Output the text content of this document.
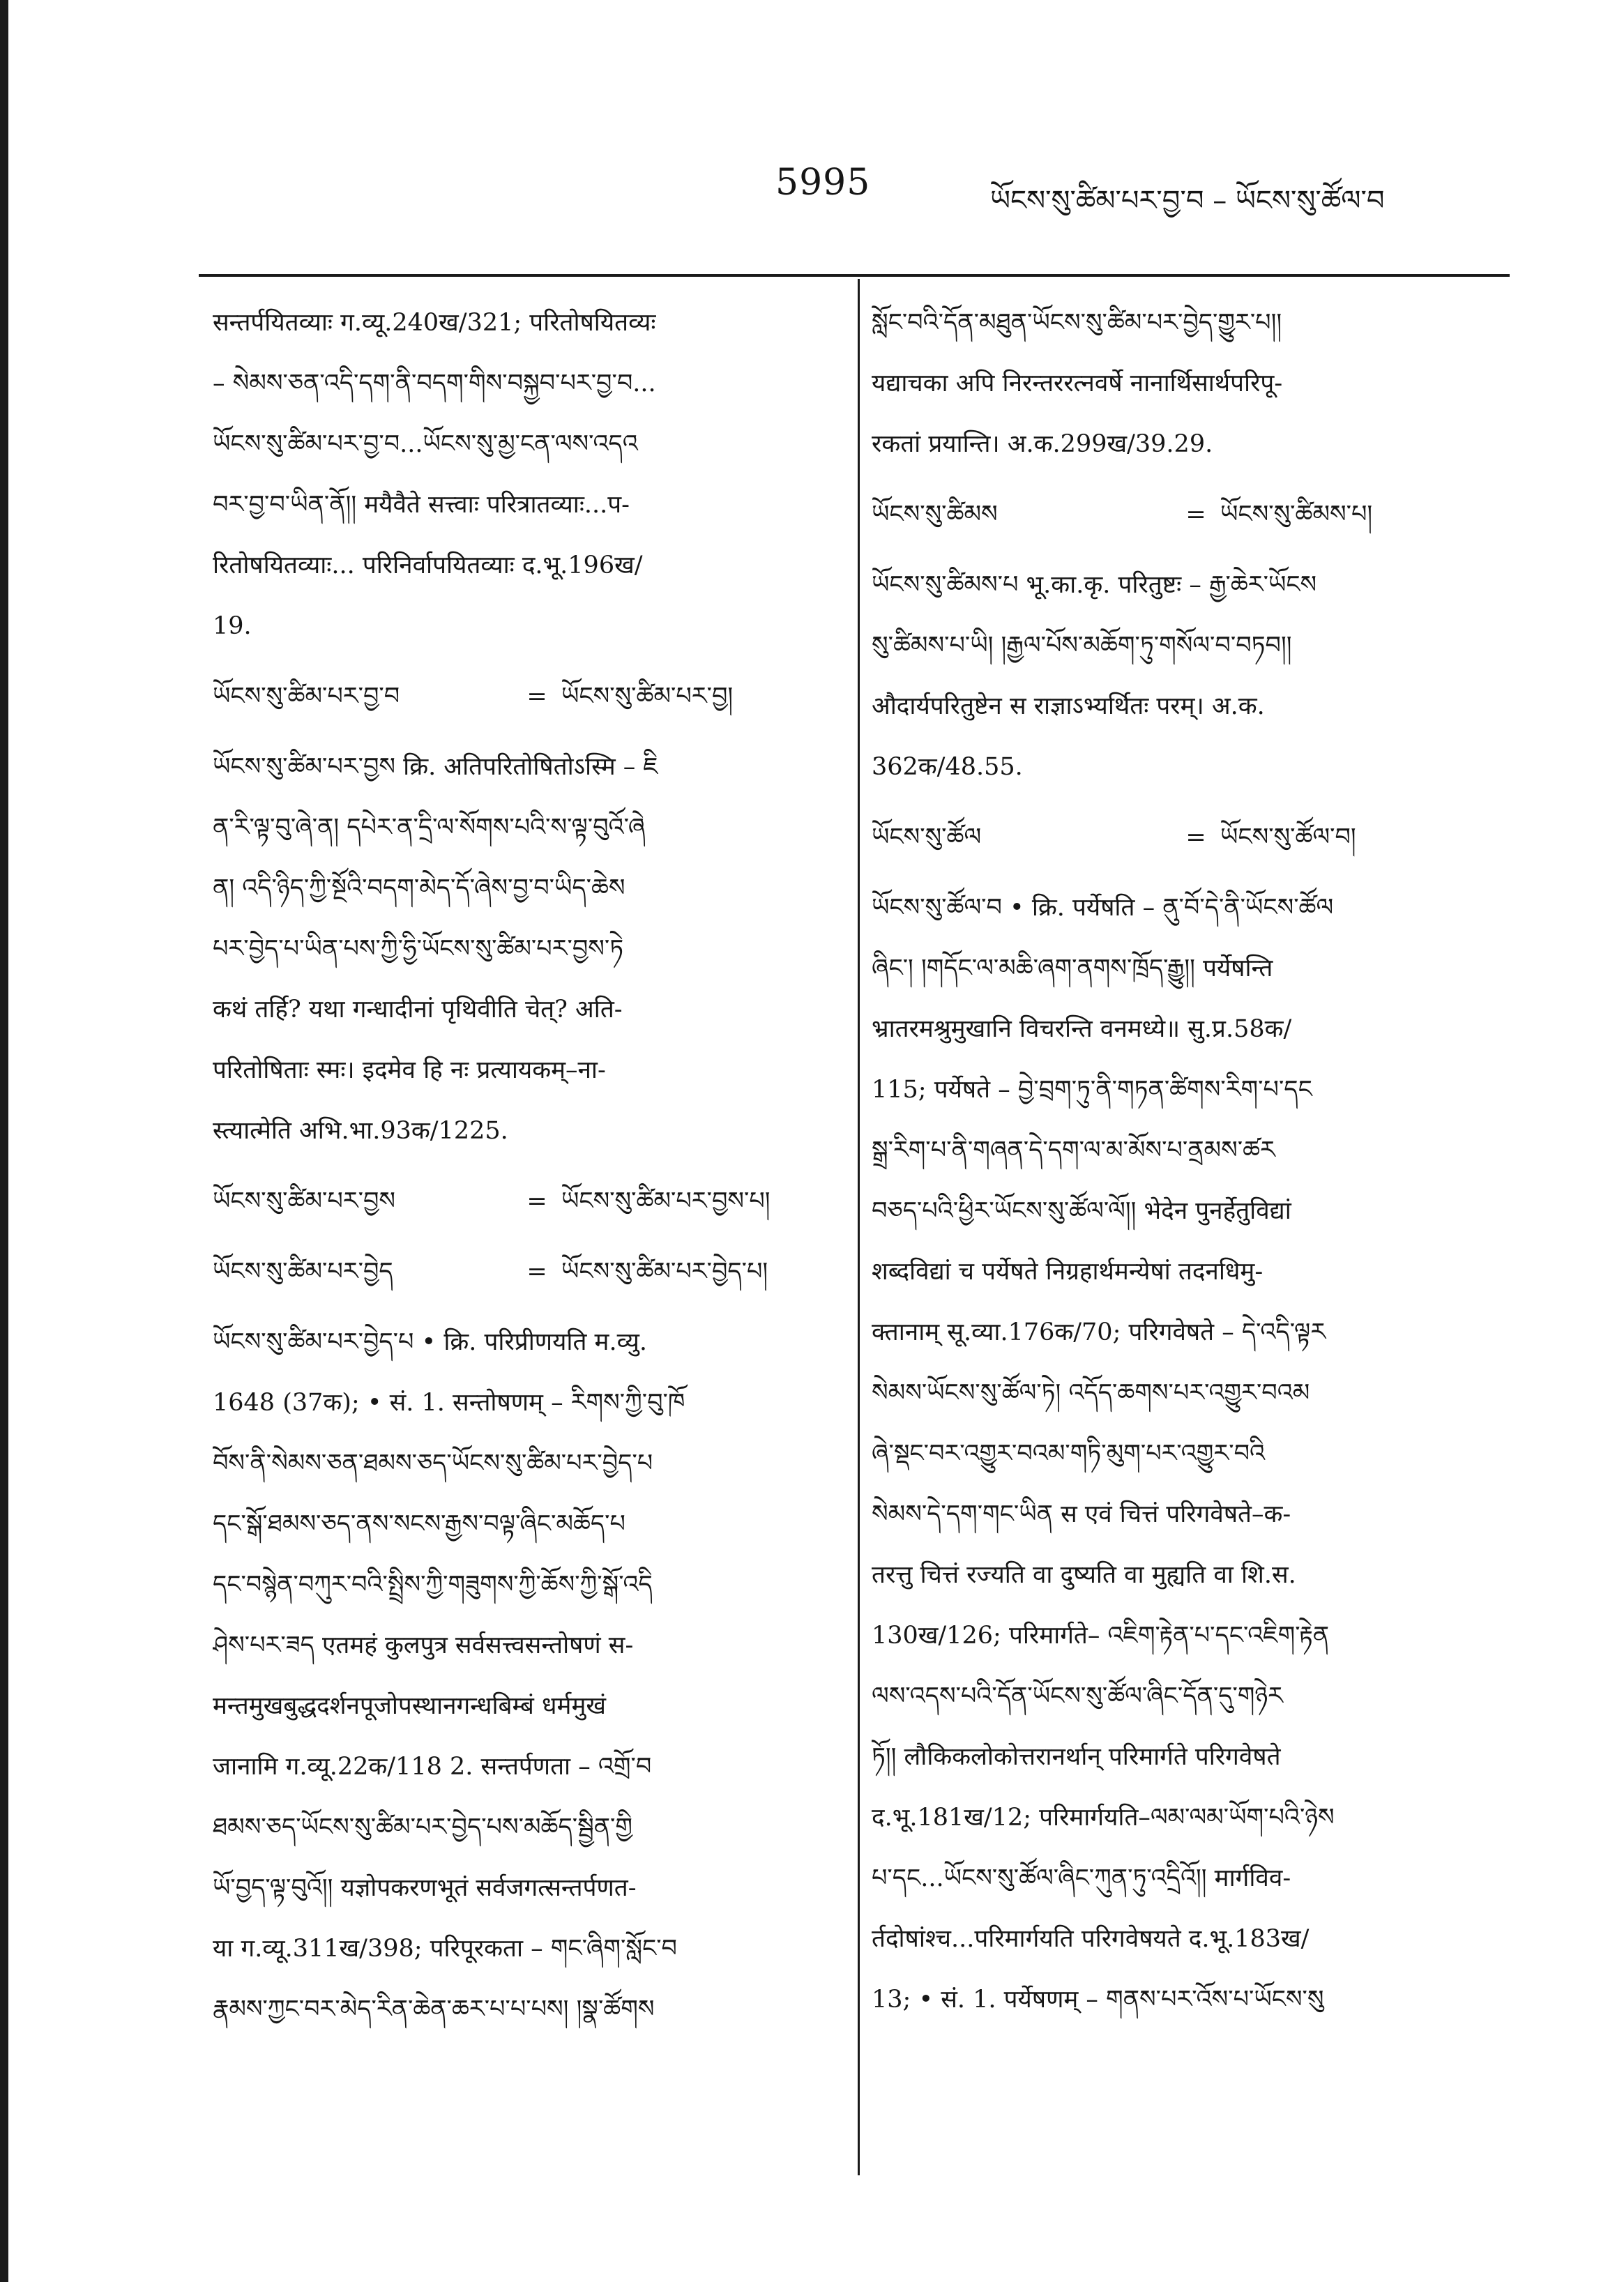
5995	ཡོངས་སུ་ཚིམ་པར་བྱ་བ – ཡོངས་སུ་ཚོལ་བ
सन्तर्पयितव्याः ग.व्यू.240ख/321; परितोषयितव्यः
– སེམས་ཅན་འདི་དག་ནི་བདག་གིས་བསྐྱབ་པར་བྱ་བ...
ཡོངས་སུ་ཚིམ་པར་བྱ་བ...ཡོངས་སུ་མྱ་ངན་ལས་འདའ
བར་བྱ་བ་ཡིན་ནོ།། मयैवैते सत्त्वाः परित्रातव्याः...प-
रितोषयितव्याः... परिनिर्वापयितव्याः द.भू.196ख/
19.
ཡོངས་སུ་ཚིམ་པར་བྱ་བ	= ཡོངས་སུ་ཚིམ་པར་བྱ།
ཡོངས་སུ་ཚིམ་པར་བྱས क्रि. अतिपरितोषितोऽस्मि – ཇི
ན་རི་ལྟ་བུ་ཞེ་ན། དཔེར་ན་དྲི་ལ་སོགས་པའི་ས་ལྟ་བུའོ་ཞེ
ན། འདི་ཉིད་ཀྱི་སྔོའི་བདག་མེད་དོ་ཞེས་བྱ་བ་ཡིད་ཆེས
པར་བྱེད་པ་ཡིན་པས་ཀྱི་ཧྱི་ཡོངས་སུ་ཚིམ་པར་བྱས་ཏེ
कथं तर्हि? यथा गन्धादीनां पृथिवीति चेत्? अति-
परितोषिताः स्मः। इदमेव हि नः प्रत्यायकम्–ना-
स्त्यात्मेति अभि.भा.93क/1225.
ཡོངས་སུ་ཚིམ་པར་བྱས	= ཡོངས་སུ་ཚིམ་པར་བྱས་པ།
ཡོངས་སུ་ཚིམ་པར་བྱེད	= ཡོངས་སུ་ཚིམ་པར་བྱེད་པ།
ཡོངས་སུ་ཚིམ་པར་བྱེད་པ • क्रि. परिप्रीणयति म.व्यु.
1648 (37क); • सं. 1. सन्तोषणम् – རིགས་ཀྱི་བུ་ཁོ
བོས་ནི་སེམས་ཅན་ཐམས་ཅད་ཡོངས་སུ་ཚིམ་པར་བྱེད་པ
དང་སྒོ་ཐམས་ཅད་ནས་སངས་རྒྱས་བལྟ་ཞིང་མཆོད་པ
དང་བསྙེན་བཀུར་བའི་སྤྲིས་ཀྱི་གཟུགས་ཀྱི་ཆོས་ཀྱི་སྒོ་འདི
ཤེས་པར་ཟད एतमहं कुलपुत्र सर्वसत्त्वसन्तोषणं स-
मन्तमुखबुद्धदर्शनपूजोपस्थानगन्धबिम्बं धर्ममुखं
जानामि ग.व्यू.22क/118 2. सन्तर्पणता – འགྲོ་བ
ཐམས་ཅད་ཡོངས་སུ་ཚིམ་པར་བྱེད་པས་མཆོད་སྦྱིན་གྱི
ཡོ་བྱད་ལྟ་བུའོ།། यज्ञोपकरणभूतं सर्वजगत्सन्तर्पणत-
या ग.व्यू.311ख/398; परिपूरकता – གང་ཞིག་སློང་བ
རྣམས་ཀྱང་བར་མེད་རིན་ཆེན་ཆར་པ་པ་པས། །སྣ་ཚོགས
སློང་བའི་དོན་མཐུན་ཡོངས་སུ་ཚིམ་པར་བྱེད་གྱུར་པ།།
यद्याचका अपि निरन्तररत्नवर्षे नानार्थिसार्थपरिपू-
रकतां प्रयान्ति। अ.क.299ख/39.29.
ཡོངས་སུ་ཚིམས	= ཡོངས་སུ་ཚིམས་པ།
ཡོངས་སུ་ཚིམས་པ भू.का.कृ. परितुष्टः – རྒྱ་ཆེར་ཡོངས
སུ་ཚིམས་པ་ཡི། །རྒྱལ་པོས་མཆོག་ཏུ་གསོལ་བ་བཏབ།།
औदार्यपरितुष्टेन स राज्ञाऽभ्यर्थितः परम्। अ.क.
362क/48.55.
ཡོངས་སུ་ཚོལ	= ཡོངས་སུ་ཚོལ་བ།
ཡོངས་སུ་ཚོལ་བ • क्रि. पर्येषति – ནུ་བོ་དེ་ནི་ཡོངས་ཚོལ
ཞིང་། །གདོང་ལ་མཆི་ཞག་ནགས་ཁྲོད་རྒྱུ།། पर्येषन्ति
भ्रातरमश्रुमुखानि विचरन्ति वनमध्ये॥ सु.प्र.58क/
115; पर्येषते – བྱེ་བྲག་ཏུ་ནི་གཏན་ཚིགས་རིག་པ་དང
སྒྲ་རིག་པ་ནི་གཞན་དེ་དག་ལ་མ་མོས་པ་ནྲམས་ཚར
བཅད་པའི་ཕྱིར་ཡོངས་སུ་ཚོལ་ལོ།། भेदेन पुनर्हेतुविद्यां
शब्दविद्यां च पर्येषते निग्रहार्थमन्येषां तदनधिमु-
क्तानाम् सू.व्या.176क/70; परिगवेषते – དེ་འདི་ལྟར
སེམས་ཡོངས་སུ་ཚོལ་ཏེ། འདོད་ཆགས་པར་འགྱུར་བའམ
ཞེ་སྡང་བར་འགྱུར་བའམ་གཏི་མུག་པར་འགྱུར་བའི
སེམས་དེ་དག་གང་ཡིན स एवं चित्तं परिगवेषते–क-
तरत्तु चित्तं रज्यति वा दुष्यति वा मुह्यति वा शि.स.
130ख/126; परिमार्गते– འཇིག་རྟེན་པ་དང་འཇིག་རྟེན
ལས་འདས་པའི་དོན་ཡོངས་སུ་ཚོལ་ཞིང་དོན་དུ་གཉེར
ཏོ།། लौकिकलोकोत्तरानर्थान् परिमार्गते परिगवेषते
द.भू.181ख/12; परिमार्गयति–ལམ་ལམ་ཡོག་པའི་ཉེས
པ་དང...ཡོངས་སུ་ཚོལ་ཞིང་ཀུན་ཏུ་འདྲིའོ།། मार्गविव-
र्तदोषांश्च...परिमार्गयति परिगवेषयते द.भू.183ख/
13; • सं. 1. पर्येषणम् – གནས་པར་འོས་པ་ཡོངས་སུ
